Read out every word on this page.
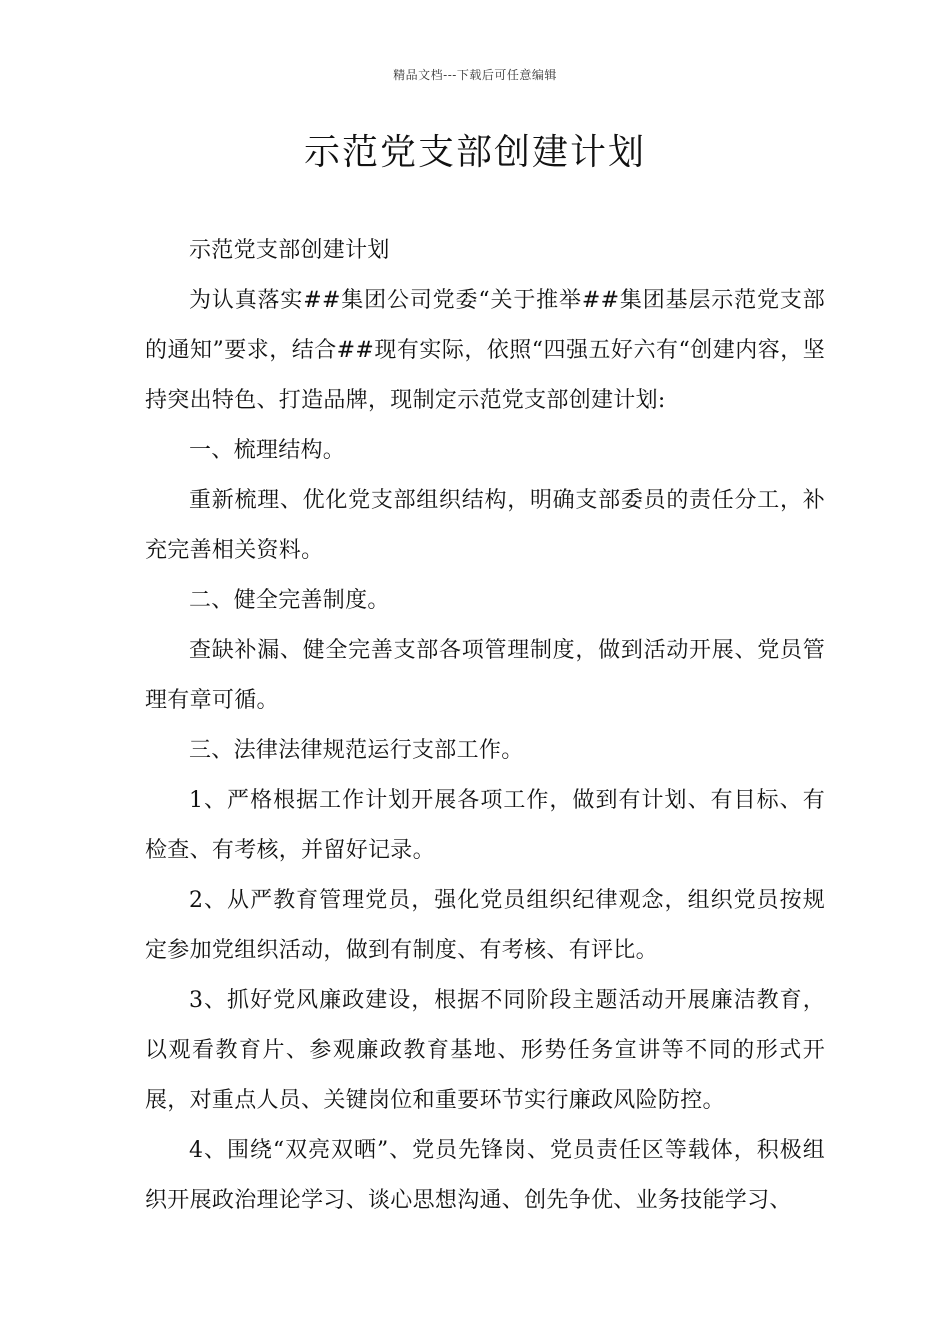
精品文档---下载后可任意编辑
示范党支部创建计划

示范党支部创建计划

为认真落实##集团公司党委“关于推举##集团基层示范党支部的通知”要求，结合##现有实际，依照“四强五好六有“创建内容，坚持突出特色、打造品牌，现制定示范党支部创建计划:

一、梳理结构。

重新梳理、优化党支部组织结构，明确支部委员的责任分工，补充完善相关资料。

二、健全完善制度。

查缺补漏、健全完善支部各项管理制度，做到活动开展、党员管理有章可循。

三、法律法律规范运行支部工作。

1、严格根据工作计划开展各项工作，做到有计划、有目标、有检查、有考核，并留好记录。

2、从严教育管理党员，强化党员组织纪律观念，组织党员按规定参加党组织活动，做到有制度、有考核、有评比。

3、抓好党风廉政建设，根据不同阶段主题活动开展廉洁教育，以观看教育片、参观廉政教育基地、形势任务宣讲等不同的形式开展，对重点人员、关键岗位和重要环节实行廉政风险防控。

4、围绕“双亮双晒”、党员先锋岗、党员责任区等载体，积极组织开展政治理论学习、谈心思想沟通、创先争优、业务技能学习、
